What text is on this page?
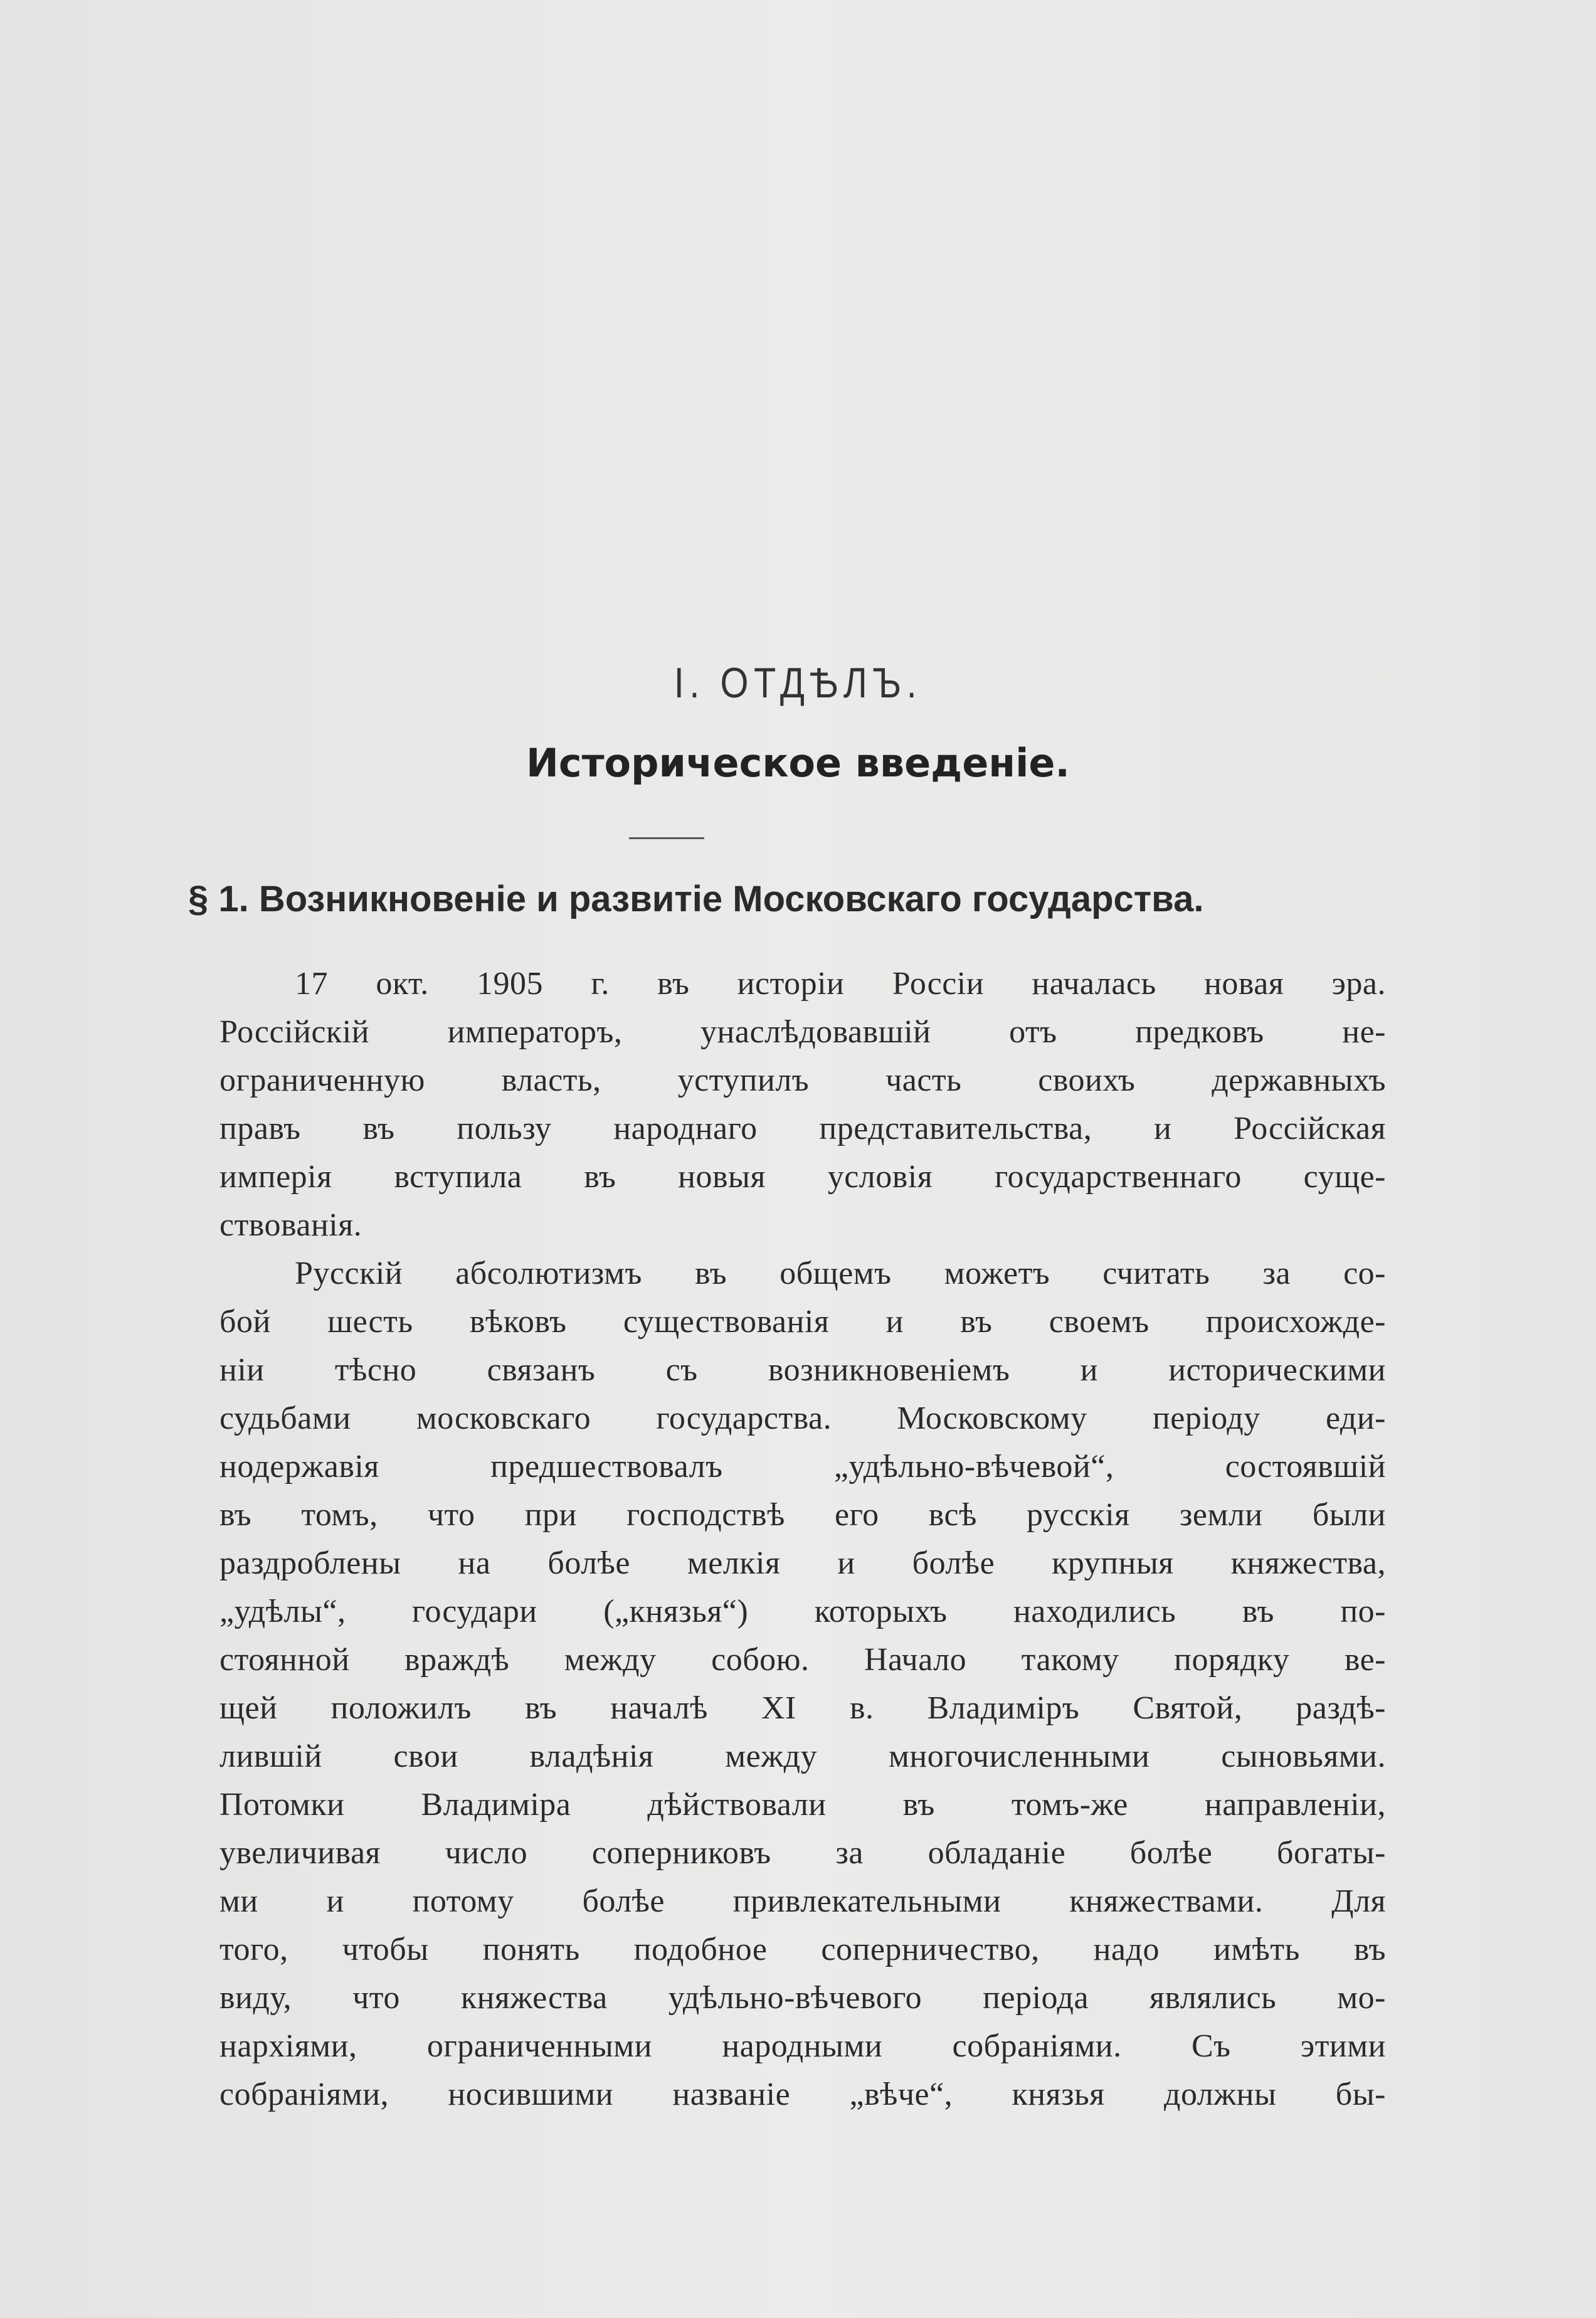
I. ОТДѢЛЪ.
Историческое введенiе.
§ 1. Возникновенiе и развитiе Московскаго государства.
17 окт. 1905 г. въ исторiи Россiи началась новая эра.
Россiйскiй императоръ, унаслѣдовавшiй отъ предковъ не-
ограниченную власть, уступилъ часть своихъ державныхъ
правъ въ пользу народнаго представительства, и Россiйская
имперiя вступила въ новыя условiя государственнаго суще-
ствованiя.
Русскiй абсолютизмъ въ общемъ можетъ считать за со-
бой шесть вѣковъ существованiя и въ своемъ происхожде-
нiи тѣсно связанъ съ возникновенiемъ и историческими
судьбами московскаго государства. Московскому перiоду еди-
нодержавiя предшествовалъ „удѣльно-вѣчевой“, состоявшiй
въ томъ, что при господствѣ его всѣ русскiя земли были
раздроблены на болѣе мелкiя и болѣе крупныя княжества,
„удѣлы“, государи („князья“) которыхъ находились въ по-
стоянной враждѣ между собою. Начало такому порядку ве-
щей положилъ въ началѣ XI в. Владимiръ Святой, раздѣ-
лившiй свои владѣнiя между многочисленными сыновьями.
Потомки Владимiра дѣйствовали въ томъ-же направленiи,
увеличивая число соперниковъ за обладанiе болѣе богаты-
ми и потому болѣе привлекательными княжествами. Для
того, чтобы понять подобное соперничество, надо имѣть въ
виду, что княжества удѣльно-вѣчевого перiода являлись мо-
нархiями, ограниченными народными собранiями. Съ этими
собранiями, носившими названiе „вѣче“, князья должны бы-
